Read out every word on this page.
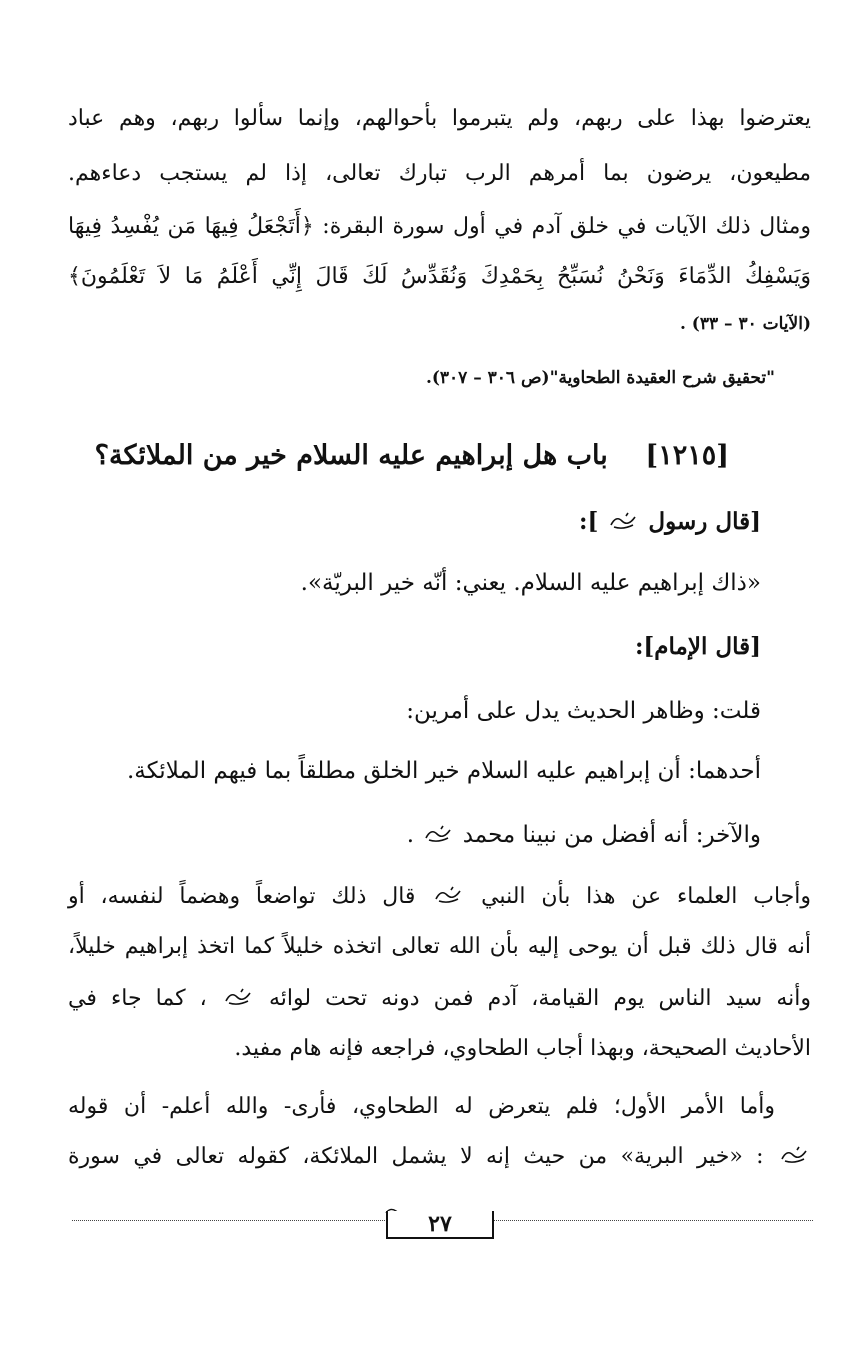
يعترضوا بهذا على ربهم، ولم يتبرموا بأحوالهم، وإنما سألوا ربهم، وهم عباد
مطيعون، يرضون بما أمرهم الرب تبارك تعالى، إذا لم يستجب دعاءهم.
ومثال ذلك الآيات في خلق آدم في أول سورة البقرة: ﴿أَتَجْعَلُ فِيهَا مَن يُفْسِدُ فِيهَا
وَيَسْفِكُ الدِّمَاءَ وَنَحْنُ نُسَبِّحُ بِحَمْدِكَ وَنُقَدِّسُ لَكَ قَالَ إِنِّي أَعْلَمُ مَا لاَ تَعْلَمُونَ﴾
(الآيات ٣٠ – ٣٣) .
"تحقيق شرح العقيدة الطحاوية"(ص ٣٠٦ – ٣٠٧).
[١٢١٥]    باب هل إبراهيم عليه السلام خير من الملائكة؟
[قال رسول  ]:
«ذاك إبراهيم عليه السلام. يعني: أنّه خير البريّة».
[قال الإمام]:
قلت: وظاهر الحديث يدل على أمرين:
أحدهما: أن إبراهيم عليه السلام خير الخلق مطلقاً بما فيهم الملائكة.
والآخر: أنه أفضل من نبينا محمد  .
وأجاب العلماء عن هذا بأن النبي  قال ذلك تواضعاً وهضماً لنفسه، أو
أنه قال ذلك قبل أن يوحى إليه بأن الله تعالى اتخذه خليلاً كما اتخذ إبراهيم خليلاً،
وأنه سيد الناس يوم القيامة، آدم فمن دونه تحت لوائه  ، كما جاء في
الأحاديث الصحيحة، وبهذا أجاب الطحاوي، فراجعه فإنه هام مفيد.
وأما الأمر الأول؛ فلم يتعرض له الطحاوي، فأرى- والله أعلم- أن قوله
: «خير البرية» من حيث إنه لا يشمل الملائكة، كقوله تعالى في سورة
٢٧
